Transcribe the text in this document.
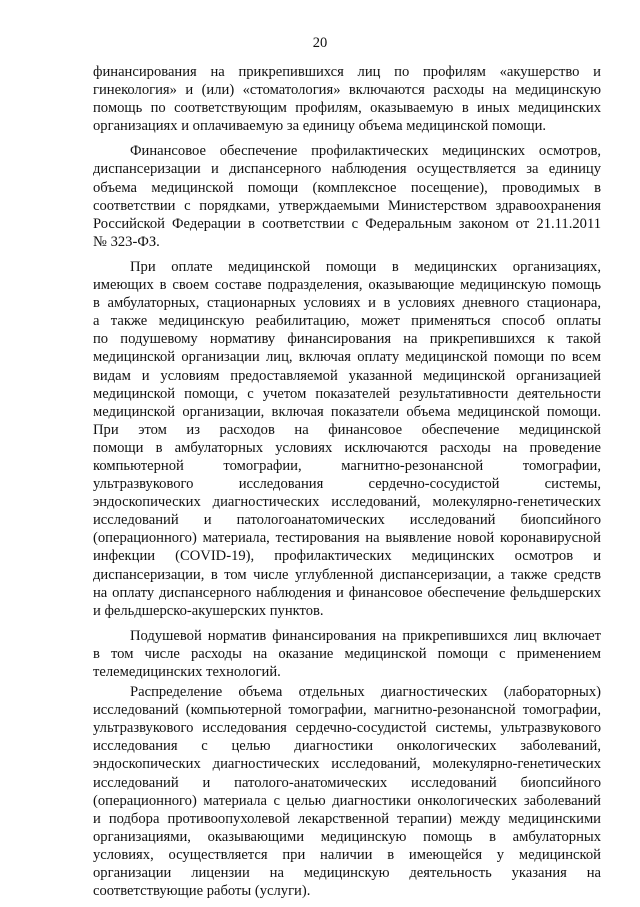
20
финансирования на прикрепившихся лиц по профилям «акушерство и
гинекология» и (или) «стоматология» включаются расходы на медицинскую
помощь по соответствующим профилям, оказываемую в иных медицинских
организациях и оплачиваемую за единицу объема медицинской помощи.
Финансовое обеспечение профилактических медицинских осмотров,
диспансеризации и диспансерного наблюдения осуществляется за единицу
объема медицинской помощи (комплексное посещение), проводимых в
соответствии с порядками, утверждаемыми Министерством здравоохранения
Российской Федерации в соответствии с Федеральным законом от 21.11.2011
№ 323-ФЗ.
При оплате медицинской помощи в медицинских организациях,
имеющих в своем составе подразделения, оказывающие медицинскую помощь
в амбулаторных, стационарных условиях и в условиях дневного стационара,
а также медицинскую реабилитацию, может применяться способ оплаты
по подушевому нормативу финансирования на прикрепившихся к такой
медицинской организации лиц, включая оплату медицинской помощи по всем
видам и условиям предоставляемой указанной медицинской организацией
медицинской помощи, с учетом показателей результативности деятельности
медицинской организации, включая показатели объема медицинской помощи.
При этом из расходов на финансовое обеспечение медицинской
помощи в амбулаторных условиях исключаются расходы на проведение
компьютерной томографии, магнитно-резонансной томографии,
ультразвукового исследования сердечно-сосудистой системы,
эндоскопических диагностических исследований, молекулярно-генетических
исследований и патологоанатомических исследований биопсийного
(операционного) материала, тестирования на выявление новой коронавирусной
инфекции (COVID-19), профилактических медицинских осмотров и
диспансеризации, в том числе углубленной диспансеризации, а также средств
на оплату диспансерного наблюдения и финансовое обеспечение фельдшерских
и фельдшерско-акушерских пунктов.
Подушевой норматив финансирования на прикрепившихся лиц включает
в том числе расходы на оказание медицинской помощи с применением
телемедицинских технологий.
Распределение объема отдельных диагностических (лабораторных)
исследований (компьютерной томографии, магнитно-резонансной томографии,
ультразвукового исследования сердечно-сосудистой системы, ультразвукового
исследования с целью диагностики онкологических заболеваний,
эндоскопических диагностических исследований, молекулярно-генетических
исследований и патолого-анатомических исследований биопсийного
(операционного) материала с целью диагностики онкологических заболеваний
и подбора противоопухолевой лекарственной терапии) между медицинскими
организациями, оказывающими медицинскую помощь в амбулаторных
условиях, осуществляется при наличии в имеющейся у медицинской
организации лицензии на медицинскую деятельность указания на
соответствующие работы (услуги).
